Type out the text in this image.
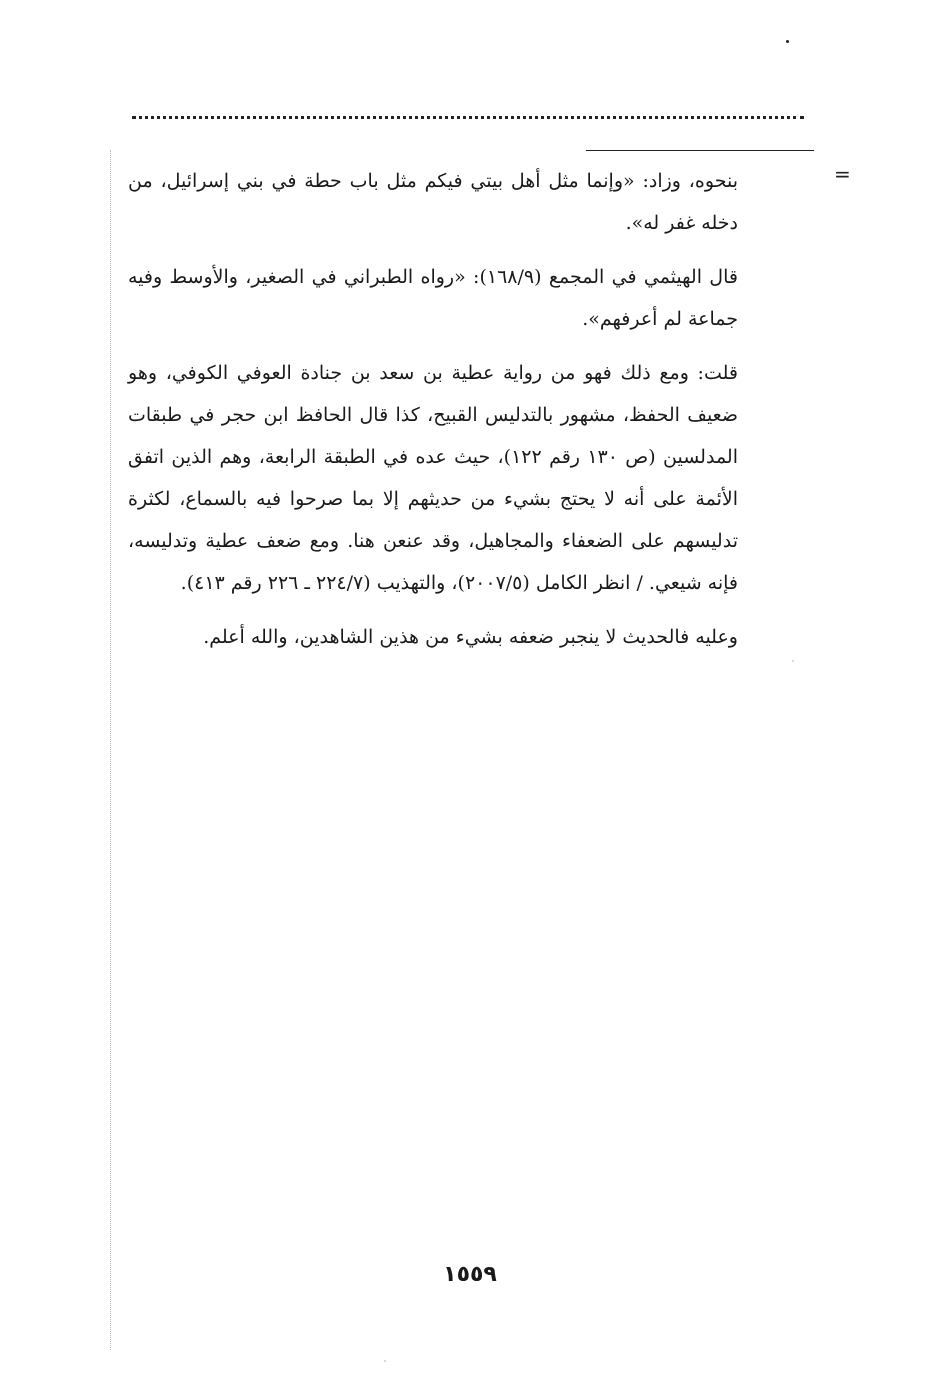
=

بنحوه، وزاد: «وإنما مثل أهل بيتي فيكم مثل باب حطة في بني إسرائيل، من دخله غفر له».

قال الهيثمي في المجمع (١٦٨/٩): «رواه الطبراني في الصغير، والأوسط وفيه جماعة لم أعرفهم».

قلت: ومع ذلك فهو من رواية عطية بن سعد بن جنادة العوفي الكوفي، وهو ضعيف الحفظ، مشهور بالتدليس القبيح، كذا قال الحافظ ابن حجر في طبقات المدلسين (ص ١٣٠ رقم ١٢٢)، حيث عده في الطبقة الرابعة، وهم الذين اتفق الأئمة على أنه لا يحتج بشيء من حديثهم إلا بما صرحوا فيه بالسماع، لكثرة تدليسهم على الضعفاء والمجاهيل، وقد عنعن هنا. ومع ضعف عطية وتدليسه، فإنه شيعي. / انظر الكامل (٢٠٠٧/٥)، والتهذيب (٢٢٤/٧ ـ ٢٢٦ رقم ٤١٣).

وعليه فالحديث لا ينجبر ضعفه بشيء من هذين الشاهدين، والله أعلم.

١٥٥٩
